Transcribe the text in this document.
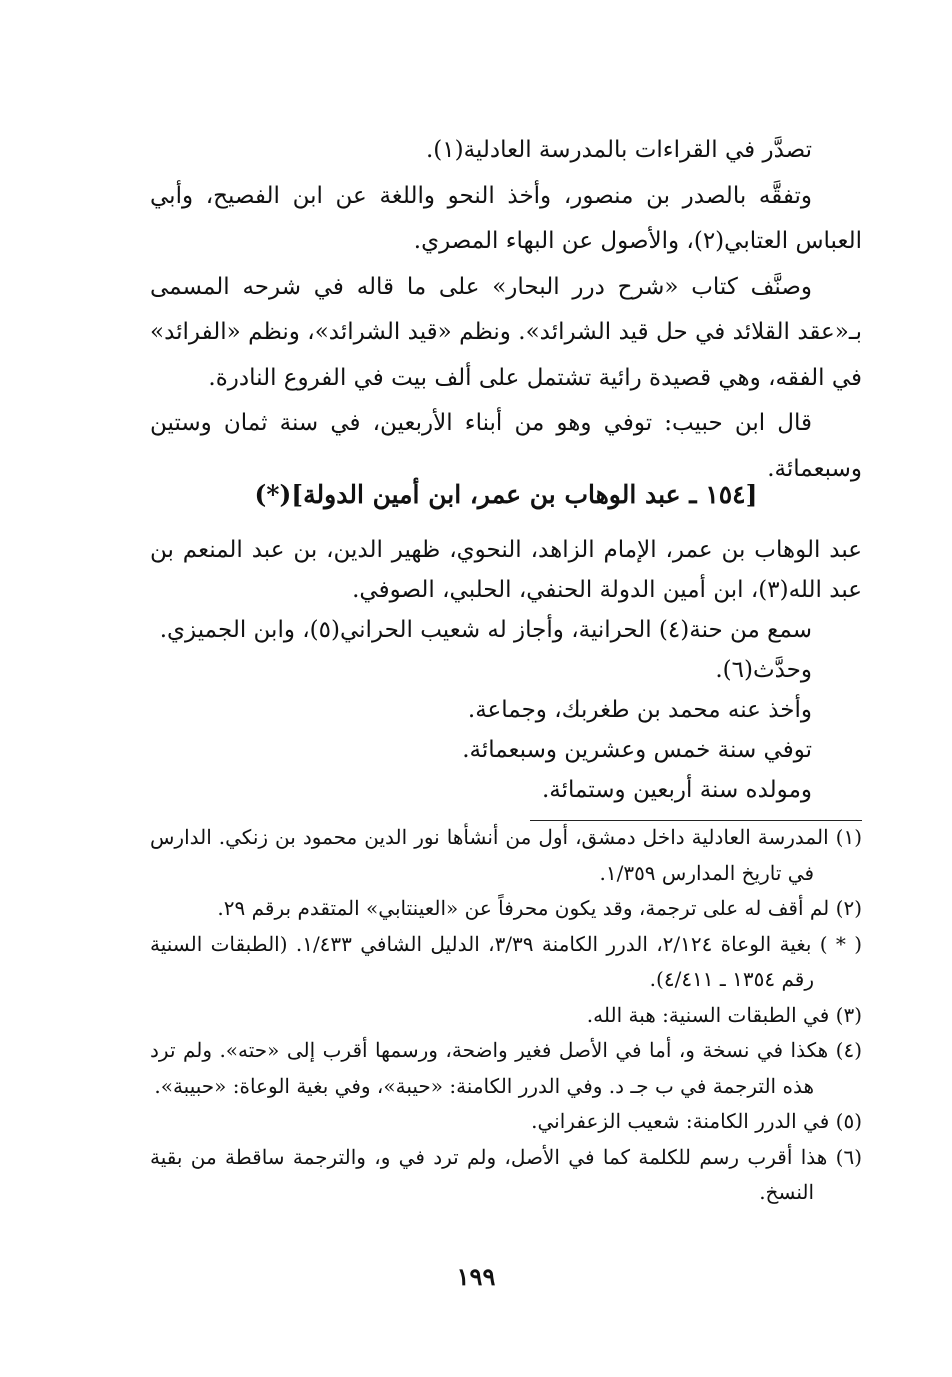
تصدَّر في القراءات بالمدرسة العادلية(١).

وتفقَّه بالصدر بن منصور، وأخذ النحو واللغة عن ابن الفصيح، وأبي العباس العتابي(٢)، والأصول عن البهاء المصري.

وصنَّف كتاب «شرح درر البحار» على ما قاله في شرحه المسمى بـ«عقد القلائد في حل قيد الشرائد». ونظم «قيد الشرائد»، ونظم «الفرائد» في الفقه، وهي قصيدة رائية تشتمل على ألف بيت في الفروع النادرة.

قال ابن حبيب: توفي وهو من أبناء الأربعين، في سنة ثمان وستين وسبعمائة.

[١٥٤ ـ عبد الوهاب بن عمر، ابن أمين الدولة](*)

عبد الوهاب بن عمر، الإمام الزاهد، النحوي، ظهير الدين، بن عبد المنعم بن عبد الله(٣)، ابن أمين الدولة الحنفي، الحلبي، الصوفي.

سمع من حنة(٤) الحرانية، وأجاز له شعيب الحراني(٥)، وابن الجميزي.

وحدَّث(٦).

وأخذ عنه محمد بن طغربك، وجماعة.

توفي سنة خمس وعشرين وسبعمائة.

ومولده سنة أربعين وستمائة.

(١) المدرسة العادلية داخل دمشق، أول من أنشأها نور الدين محمود بن زنكي. الدارس في تاريخ المدارس ١/٣٥٩.

(٢) لم أقف له على ترجمة، وقد يكون محرفاً عن «العينتابي» المتقدم برقم ٢٩.

( * ) بغية الوعاة ٢/١٢٤، الدرر الكامنة ٣/٣٩، الدليل الشافي ١/٤٣٣. (الطبقات السنية رقم ١٣٥٤ ـ ٤/٤١١).

(٣) في الطبقات السنية: هبة الله.

(٤) هكذا في نسخة و، أما في الأصل فغير واضحة، ورسمها أقرب إلى «حته». ولم ترد هذه الترجمة في ب جـ د. وفي الدرر الكامنة: «حيبة»، وفي بغية الوعاة: «حبيبة».

(٥) في الدرر الكامنة: شعيب الزعفراني.

(٦) هذا أقرب رسم للكلمة كما في الأصل، ولم ترد في و، والترجمة ساقطة من بقية النسخ.

١٩٩
